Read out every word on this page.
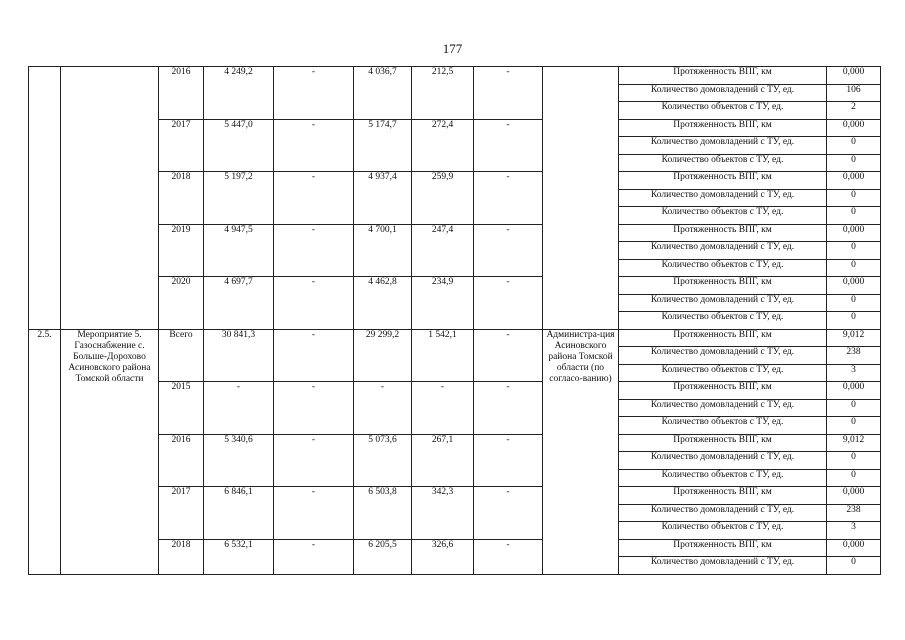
177
		2016	4 249,2	-	4 036,7	212,5	-		Протяженность ВПГ, км	0,000
									Количество домовладений с ТУ, ед.	106
									Количество объектов с ТУ, ед.	2
		2017	5 447,0	-	5 174,7	272,4	-		Протяженность ВПГ, км	0,000
									Количество домовладений с ТУ, ед.	0
									Количество объектов с ТУ, ед.	0
		2018	5 197,2	-	4 937,4	259,9	-		Протяженность ВПГ, км	0,000
									Количество домовладений с ТУ, ед.	0
									Количество объектов с ТУ, ед.	0
		2019	4 947,5	-	4 700,1	247,4	-		Протяженность ВПГ, км	0,000
									Количество домовладений с ТУ, ед.	0
									Количество объектов с ТУ, ед.	0
		2020	4 697,7	-	4 462,8	234,9	-		Протяженность ВПГ, км	0,000
									Количество домовладений с ТУ, ед.	0
									Количество объектов с ТУ, ед.	0
2.5.	Мероприятие 5. Газоснабжение с. Больше-Дорохово Асиновского района Томской области	Всего	30 841,3	-	29 299,2	1 542,1	-	Администра-ция Асиновского района Томской области (по согласо-ванию)	Протяженность ВПГ, км	9,012
									Количество домовладений с ТУ, ед.	238
									Количество объектов с ТУ, ед.	3
		2015	-	-	-	-	-		Протяженность ВПГ, км	0,000
									Количество домовладений с ТУ, ед.	0
									Количество объектов с ТУ, ед.	0
		2016	5 340,6	-	5 073,6	267,1	-		Протяженность ВПГ, км	9,012
									Количество домовладений с ТУ, ед.	0
									Количество объектов с ТУ, ед.	0
		2017	6 846,1	-	6 503,8	342,3	-		Протяженность ВПГ, км	0,000
									Количество домовладений с ТУ, ед.	238
									Количество объектов с ТУ, ед.	3
		2018	6 532,1	-	6 205,5	326,6	-		Протяженность ВПГ, км	0,000
									Количество домовладений с ТУ, ед.	0
